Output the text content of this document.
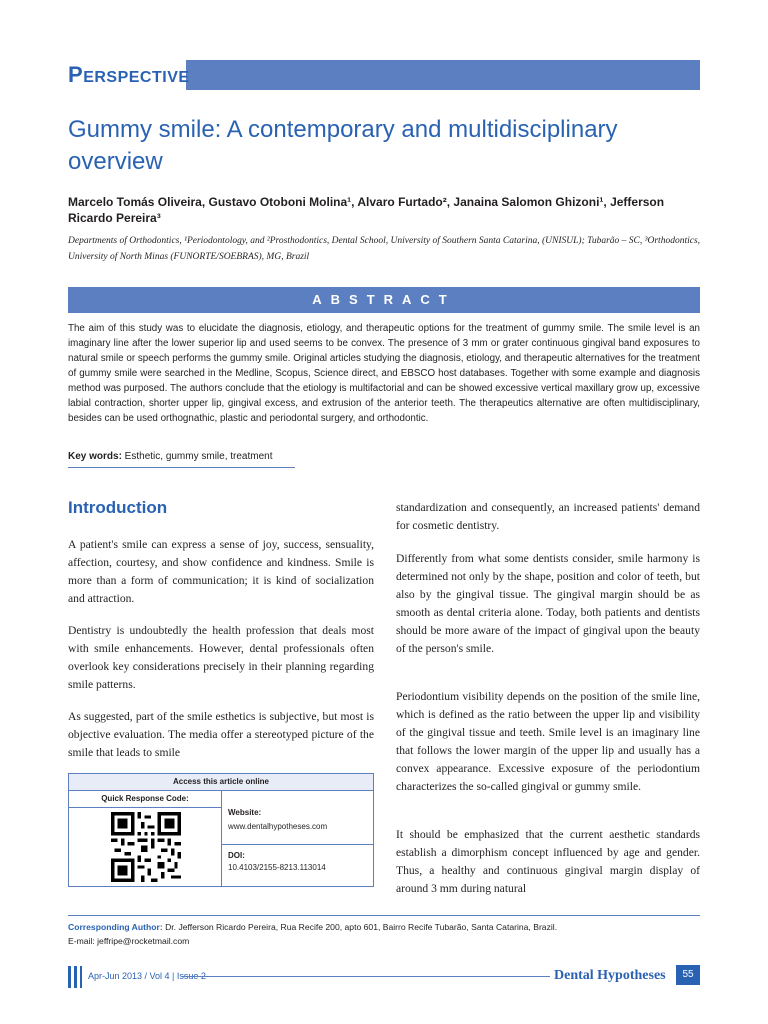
PERSPECTIVE
Gummy smile: A contemporary and multidisciplinary overview
Marcelo Tomás Oliveira, Gustavo Otoboni Molina¹, Alvaro Furtado², Janaina Salomon Ghizoni¹, Jefferson Ricardo Pereira³
Departments of Orthodontics, ¹Periodontology, and ²Prosthodontics, Dental School, University of Southern Santa Catarina, (UNISUL); Tubarão – SC, ³Orthodontics, University of North Minas (FUNORTE/SOEBRAS), MG, Brazil
ABSTRACT
The aim of this study was to elucidate the diagnosis, etiology, and therapeutic options for the treatment of gummy smile. The smile level is an imaginary line after the lower superior lip and used seems to be convex. The presence of 3 mm or grater continuous gingival band exposures to natural smile or speech performs the gummy smile. Original articles studying the diagnosis, etiology, and therapeutic alternatives for the treatment of gummy smile were searched in the Medline, Scopus, Science direct, and EBSCO host databases. Together with some example and diagnosis method was purposed. The authors conclude that the etiology is multifactorial and can be showed excessive vertical maxillary grow up, excessive labial contraction, shorter upper lip, gingival excess, and extrusion of the anterior teeth. The therapeutics alternative are often multidisciplinary, besides can be used orthognathic, plastic and periodontal surgery, and orthodontic.
Key words: Esthetic, gummy smile, treatment
Introduction

A patient's smile can express a sense of joy, success, sensuality, affection, courtesy, and show confidence and kindness. Smile is more than a form of communication; it is kind of socialization and attraction.

Dentistry is undoubtedly the health profession that deals most with smile enhancements. However, dental professionals often overlook key considerations precisely in their planning regarding smile patterns.

As suggested, part of the smile esthetics is subjective, but most is objective evaluation. The media offer a stereotyped picture of the smile that leads to smile

standardization and consequently, an increased patients' demand for cosmetic dentistry.

Differently from what some dentists consider, smile harmony is determined not only by the shape, position and color of teeth, but also by the gingival tissue. The gingival margin should be as smooth as dental criteria alone. Today, both patients and dentists should be more aware of the impact of gingival upon the beauty of the person's smile.

Periodontium visibility depends on the position of the smile line, which is defined as the ratio between the upper lip and visibility of the gingival tissue and teeth. Smile level is an imaginary line that follows the lower margin of the upper lip and usually has a convex appearance. Excessive exposure of the periodontium characterizes the so-called gingival or gummy smile.

It should be emphasized that the current aesthetic standards establish a dimorphism concept influenced by age and gender. Thus, a healthy and continuous gingival margin display of around 3 mm during natural

Access this article online
Quick Response Code:
Website:
www.dentalhypotheses.com
DOI:
10.4103/2155-8213.113014
Corresponding Author: Dr. Jefferson Ricardo Pereira, Rua Recife 200, apto 601, Bairro Recife Tubarão, Santa Catarina, Brazil.
E-mail: jeffripe@rocketmail.com
Apr-Jun 2013 / Vol 4 | Issue 2	Dental Hypotheses	55
